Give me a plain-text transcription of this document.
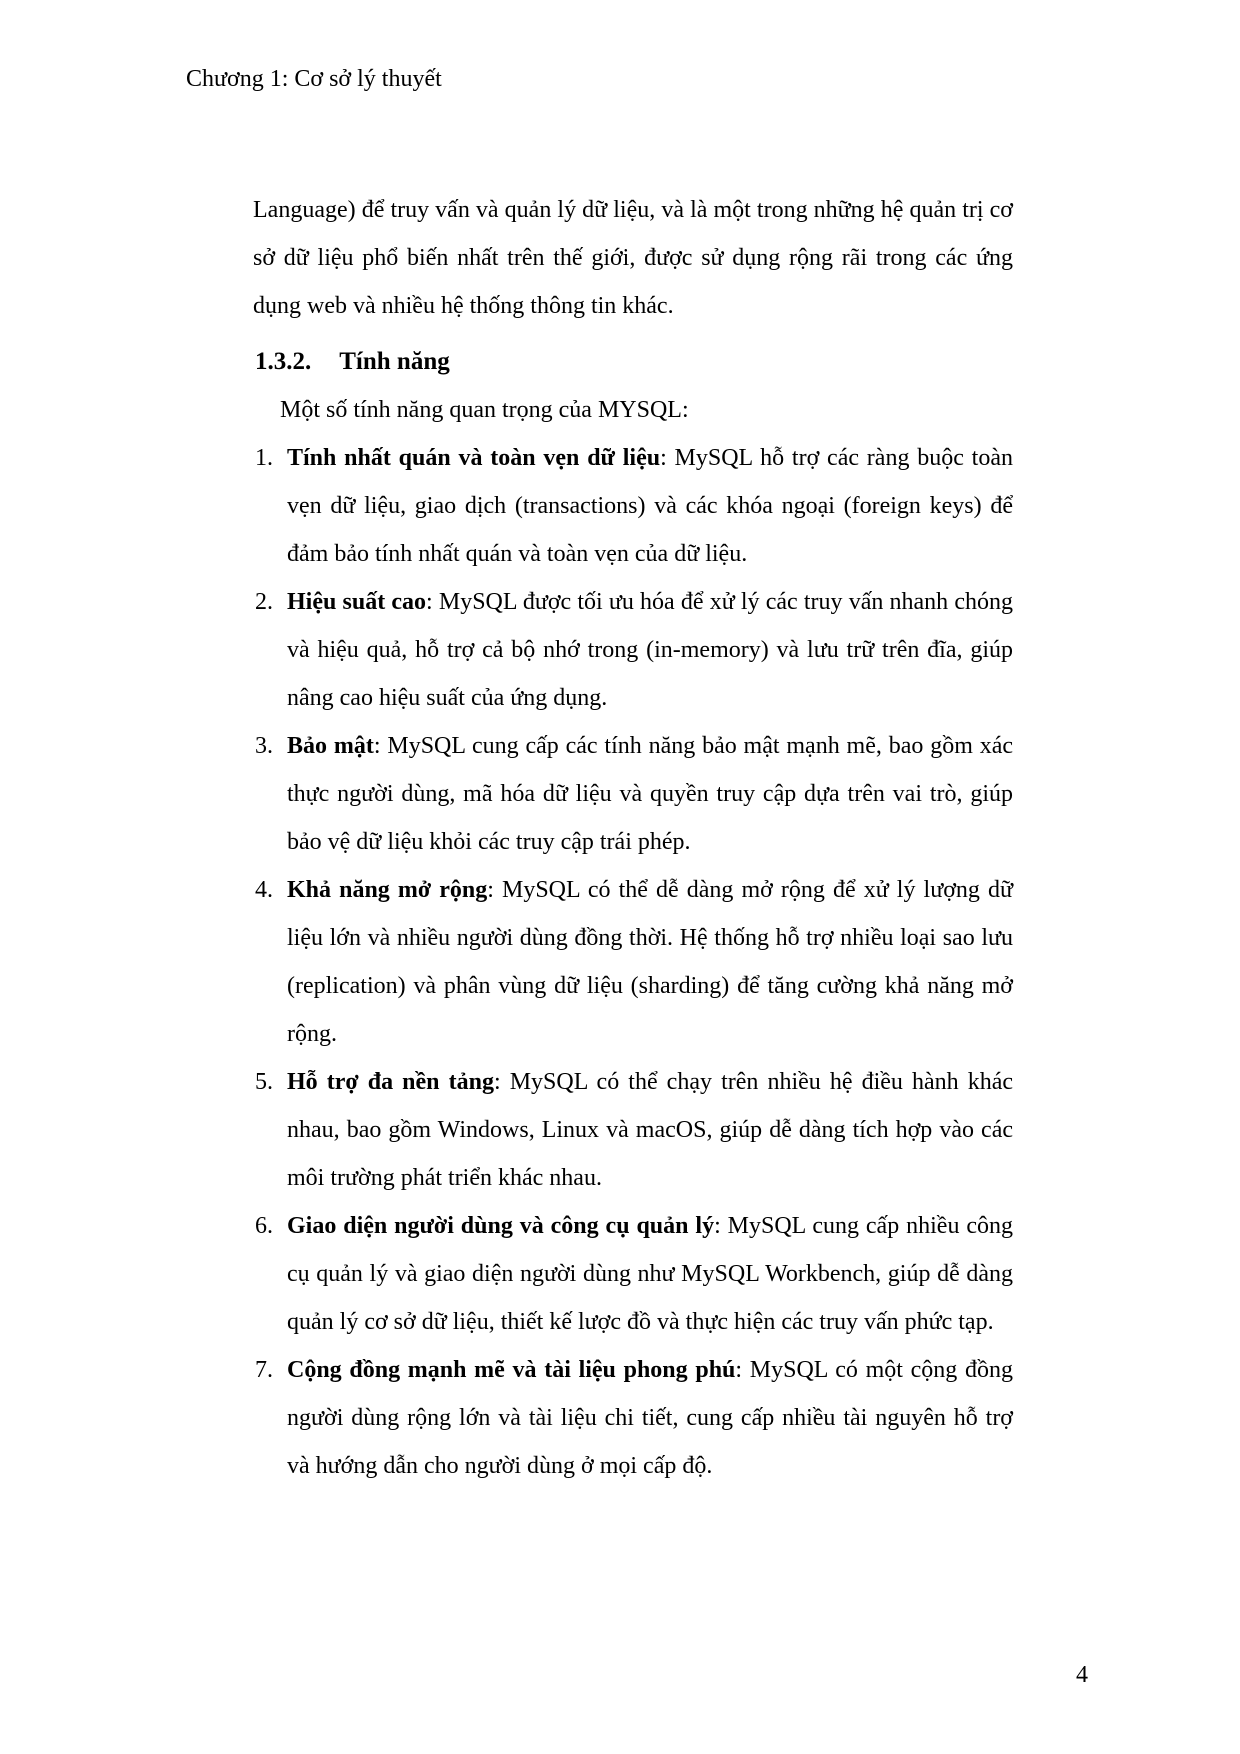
Chương 1: Cơ sở lý thuyết

Language) để truy vấn và quản lý dữ liệu, và là một trong những hệ quản trị cơ sở dữ liệu phổ biến nhất trên thế giới, được sử dụng rộng rãi trong các ứng dụng web và nhiều hệ thống thông tin khác.

1.3.2. Tính năng

Một số tính năng quan trọng của MYSQL:

1. Tính nhất quán và toàn vẹn dữ liệu: MySQL hỗ trợ các ràng buộc toàn vẹn dữ liệu, giao dịch (transactions) và các khóa ngoại (foreign keys) để đảm bảo tính nhất quán và toàn vẹn của dữ liệu.
2. Hiệu suất cao: MySQL được tối ưu hóa để xử lý các truy vấn nhanh chóng và hiệu quả, hỗ trợ cả bộ nhớ trong (in-memory) và lưu trữ trên đĩa, giúp nâng cao hiệu suất của ứng dụng.
3. Bảo mật: MySQL cung cấp các tính năng bảo mật mạnh mẽ, bao gồm xác thực người dùng, mã hóa dữ liệu và quyền truy cập dựa trên vai trò, giúp bảo vệ dữ liệu khỏi các truy cập trái phép.
4. Khả năng mở rộng: MySQL có thể dễ dàng mở rộng để xử lý lượng dữ liệu lớn và nhiều người dùng đồng thời. Hệ thống hỗ trợ nhiều loại sao lưu (replication) và phân vùng dữ liệu (sharding) để tăng cường khả năng mở rộng.
5. Hỗ trợ đa nền tảng: MySQL có thể chạy trên nhiều hệ điều hành khác nhau, bao gồm Windows, Linux và macOS, giúp dễ dàng tích hợp vào các môi trường phát triển khác nhau.
6. Giao diện người dùng và công cụ quản lý: MySQL cung cấp nhiều công cụ quản lý và giao diện người dùng như MySQL Workbench, giúp dễ dàng quản lý cơ sở dữ liệu, thiết kế lược đồ và thực hiện các truy vấn phức tạp.
7. Cộng đồng mạnh mẽ và tài liệu phong phú: MySQL có một cộng đồng người dùng rộng lớn và tài liệu chi tiết, cung cấp nhiều tài nguyên hỗ trợ và hướng dẫn cho người dùng ở mọi cấp độ.
4
